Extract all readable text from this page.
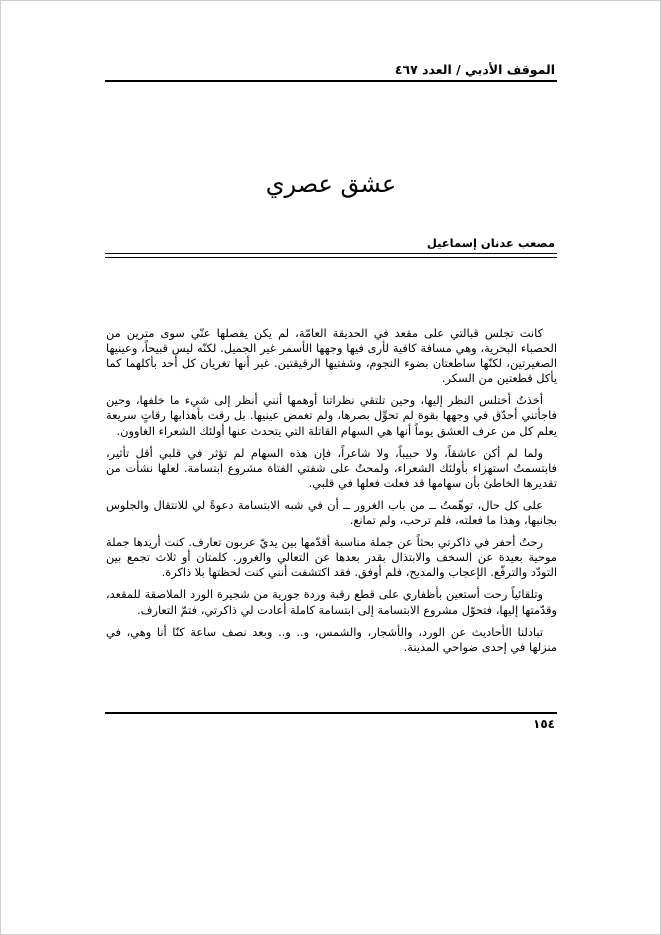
الموقف الأدبي / العدد ٤٦٧
عشق عصري
مصعب عدنان إسماعيل

كانت تجلس قبالتي على مقعد في الحديقة العامّة، لم يكن يفصلها عنّي سوى مترين من الحصباء البحرية، وهي مسافة كافية لأرى فيها وجهها الأسمر غير الجميل. لكنّه ليس قبيحاً، وعينيها الصغيرتين، لكنّها ساطعتان بضوء النجوم، وشفتيها الرقيقتين. غير أنها تغريان كل أحد بأكلهما كما يأكل قطعتين من السكر.

أخذتُ أختلس النظر إليها، وحين تلتقي نظراتنا أوهمها أنني أنظر إلى شيء ما خلفها، وحين فاجأتني أحدّق في وجهها بقوة لم تحوِّل بصرها، ولم تغمض عينيها. بل رقت بأهدابها رقاتٍ سريعة يعلم كل من عرف العشق يوماً أنها هي السهام القاتلة التي يتحدث عنها أولئك الشعراء الغاوون.

ولما لم أكن عاشقاً، ولا حبيباً، ولا شاعراً، فإن هذه السهام لم تؤثر في قلبي أقل تأثير، فابتسمتُ استهزاء بأولئك الشعراء، ولمحتُ على شفتي الفتاة مشروع ابتسامة. لعلها نشأت من تقديرها الخاطئ بأن سهامها قد فعلت فعلها في قلبي.

على كل حال، توهّمتُ ــ من باب الغرور ــ أن في شبه الابتسامة دعوةً لي للانتقال والجلوس بجانبها، وهذا ما فعلته، فلم ترحب، ولم تمانع.

رحتُ أحفر في ذاكرتي بحثاً عن جملة مناسبة أقدّمها بين يديّ عربون تعارف. كنت أريدها جملة موحية بعيدة عن السخف والابتذال بقدر بعدها عن التعالي والغرور. كلمتان أو ثلاث تجمع بين التودّد والترفّع. الإعجاب والمديح، فلم أوفق. فقد اكتشفت أنني كنت لحظتها بلا ذاكرة.

وتلقائياً رحت أستعين بأظفاري على قطع رقبة وردة جورية من شجيرة الورد الملاصقة للمقعد، وقدّمتها إليها، فتحوّل مشروع الابتسامة إلى ابتسامة كاملة أعادت لي ذاكرتي، فتمّ التعارف.

تبادلنا الأحاديث عن الورد، والأشجار، والشمس، و.. و.. وبعد نصف ساعة كنّا أنا وهي، في منزلها في إحدى ضواحي المدينة.

١٥٤
